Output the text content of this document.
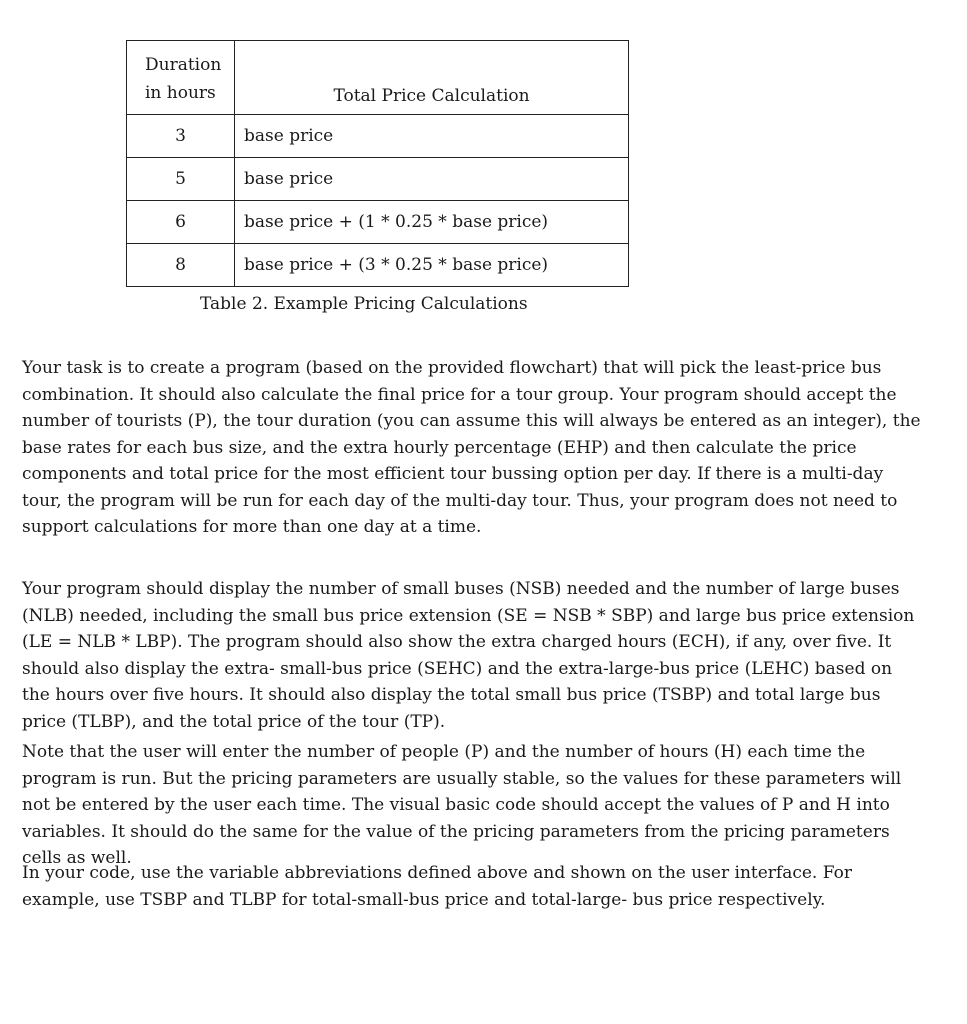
Duration
in hours	Total Price Calculation
3	base price
5	base price
6	base price + (1 * 0.25 * base price)
8	base price + (3 * 0.25 * base price)
Table 2. Example Pricing Calculations

Your task is to create a program (based on the provided flowchart) that will pick the least-price bus combination. It should also calculate the final price for a tour group. Your program should accept the number of tourists (P), the tour duration (you can assume this will always be entered as an integer), the base rates for each bus size, and the extra hourly percentage (EHP) and then calculate the price components and total price for the most efficient tour bussing option per day. If there is a multi-day tour, the program will be run for each day of the multi-day tour. Thus, your program does not need to support calculations for more than one day at a time.

Your program should display the number of small buses (NSB) needed and the number of large buses (NLB) needed, including the small bus price extension (SE = NSB * SBP) and large bus price extension (LE = NLB * LBP). The program should also show the extra charged hours (ECH), if any, over five. It should also display the extra- small-bus price (SEHC) and the extra-large-bus price (LEHC) based on the hours over five hours. It should also display the total small bus price (TSBP) and total large bus price (TLBP), and the total price of the tour (TP).

Note that the user will enter the number of people (P) and the number of hours (H) each time the program is run. But the pricing parameters are usually stable, so the values for these parameters will not be entered by the user each time. The visual basic code should accept the values of P and H into variables. It should do the same for the value of the pricing parameters from the pricing parameters cells as well.

In your code, use the variable abbreviations defined above and shown on the user interface. For example, use TSBP and TLBP for total-small-bus price and total-large- bus price respectively.
